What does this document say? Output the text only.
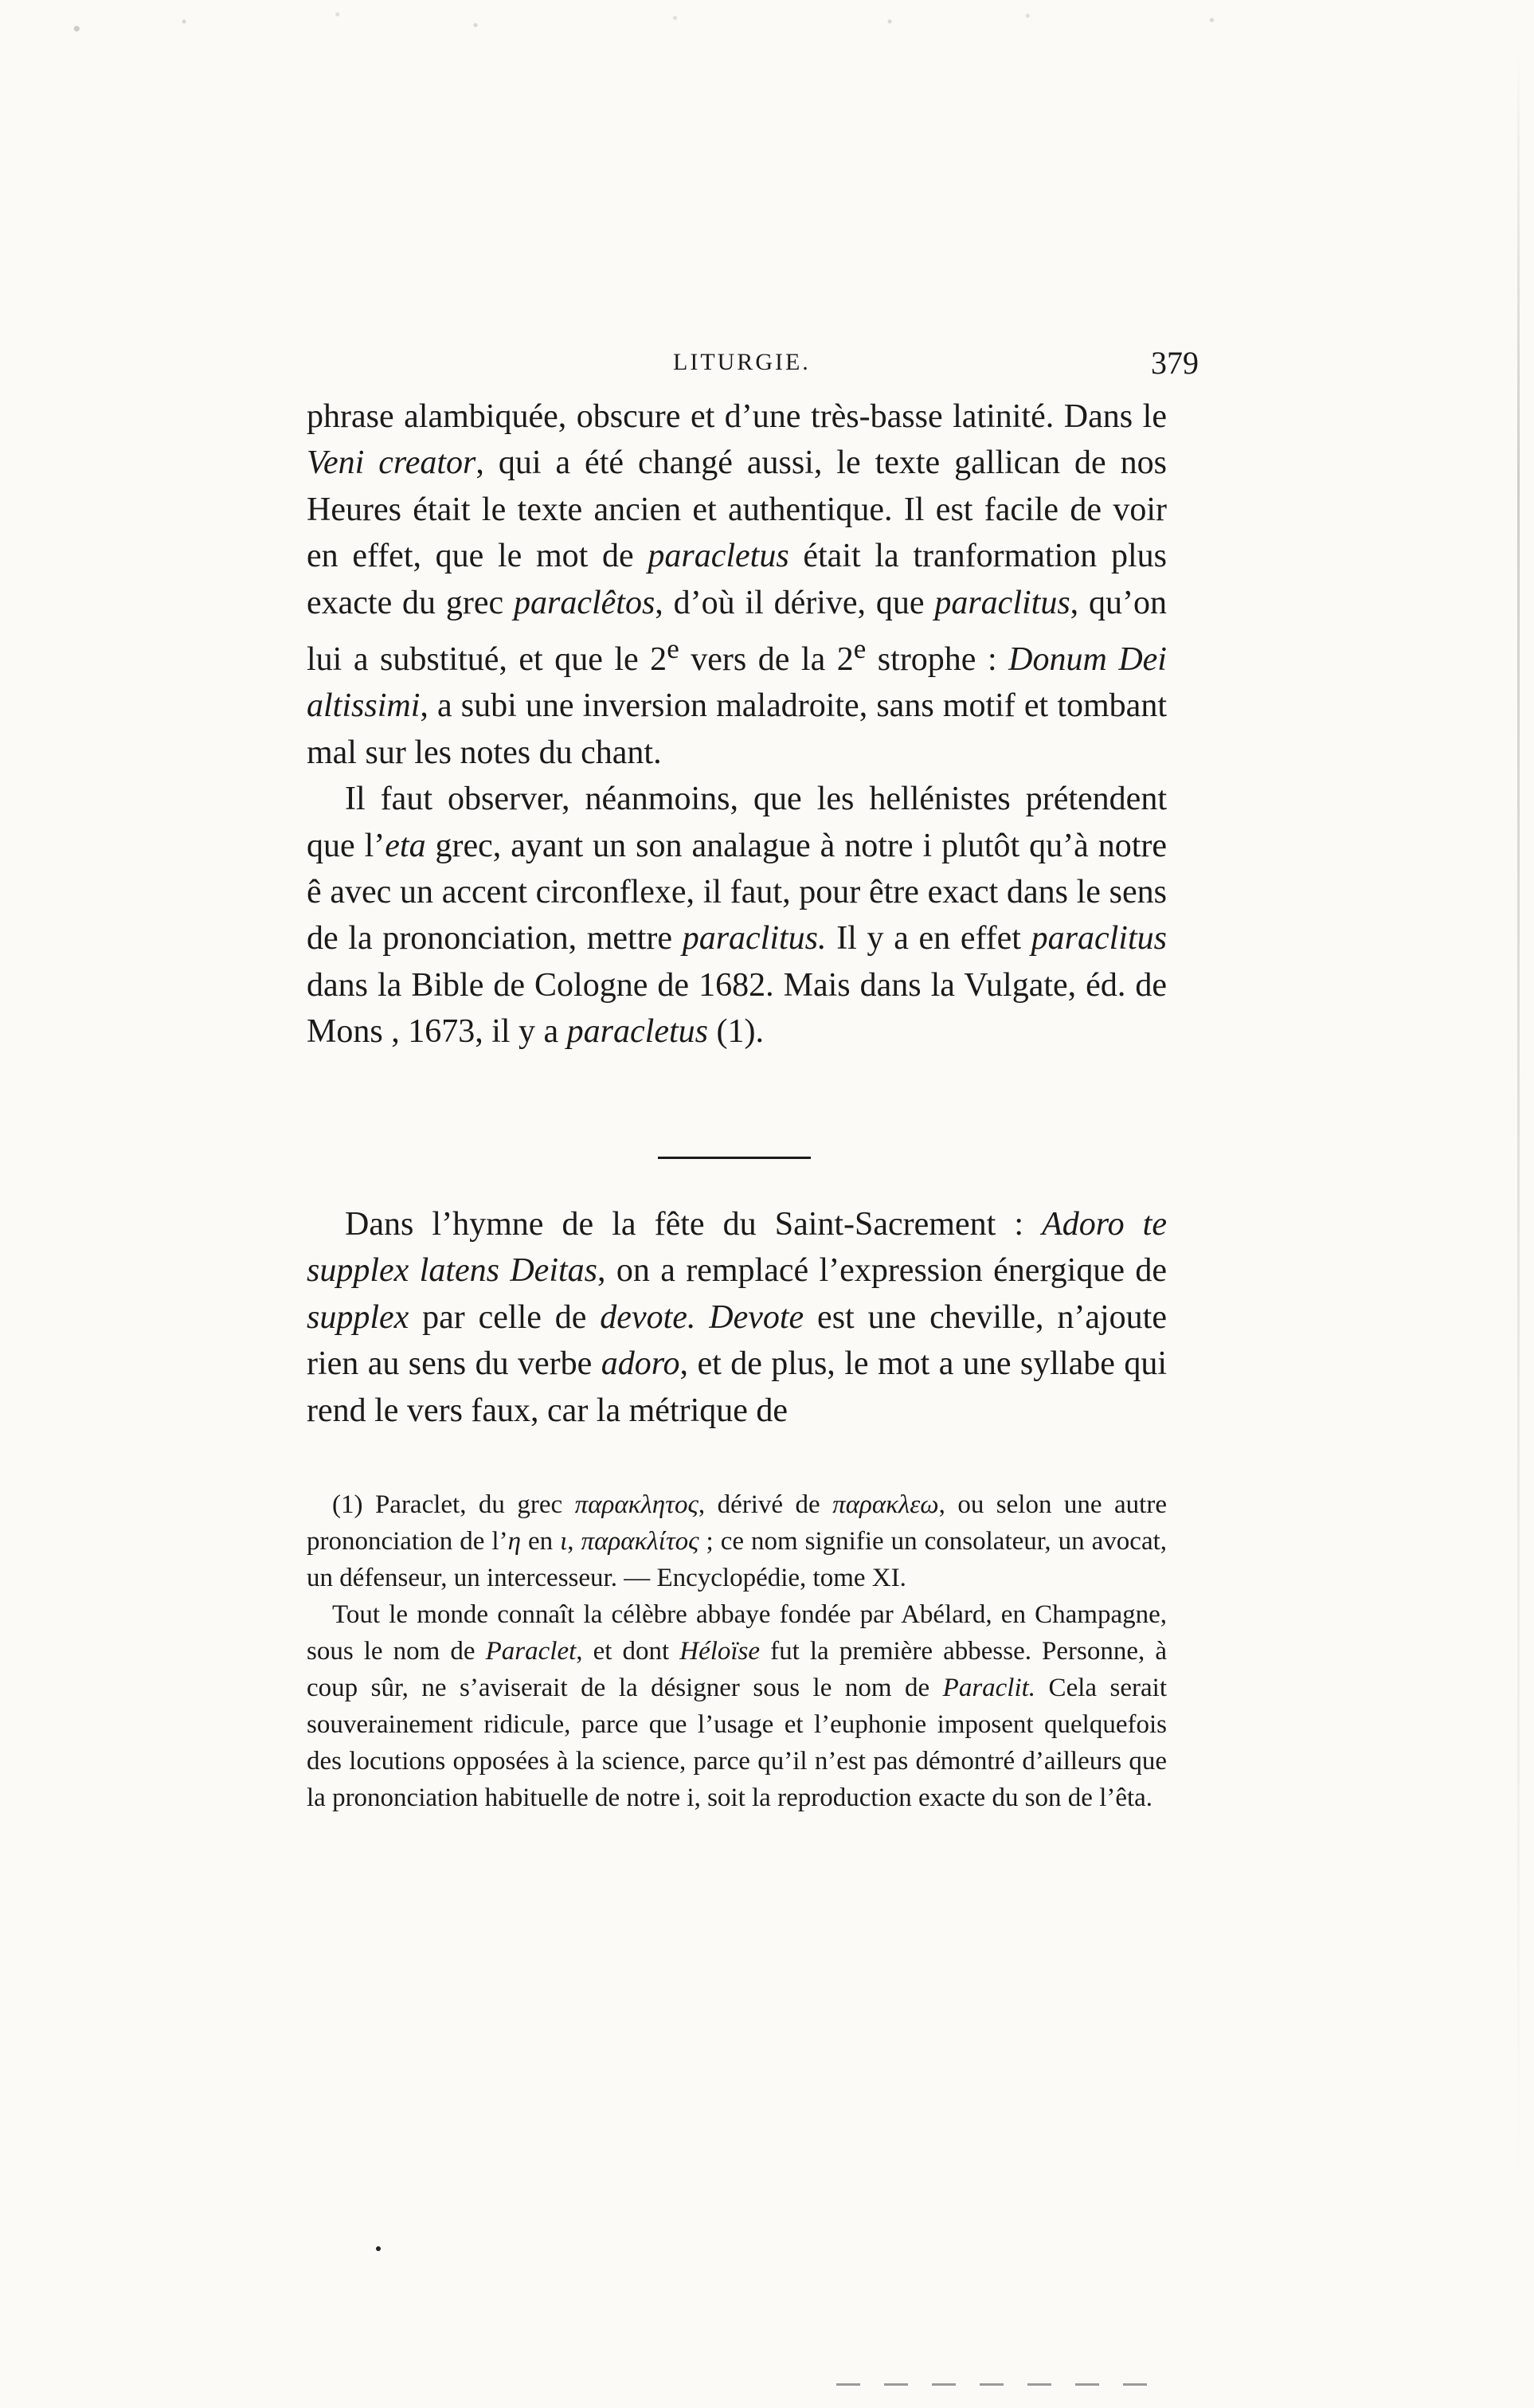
LITURGIE.	379

phrase alambiquée, obscure et d’une très-basse latinité. Dans le Veni creator, qui a été changé aussi, le texte gallican de nos Heures était le texte ancien et authentique. Il est facile de voir en effet, que le mot de paracletus était la tranformation plus exacte du grec paraclêtos, d’où il dérive, que paraclitus, qu’on lui a substitué, et que le 2e vers de la 2e strophe : Donum Dei altissimi, a subi une inversion maladroite, sans motif et tombant mal sur les notes du chant.

Il faut observer, néanmoins, que les hellénistes prétendent que l’eta grec, ayant un son analague à notre i plutôt qu’à notre ê avec un accent circonflexe, il faut, pour être exact dans le sens de la prononciation, mettre paraclitus. Il y a en effet paraclitus dans la Bible de Cologne de 1682. Mais dans la Vulgate, éd. de Mons , 1673, il y a paracletus (1).

Dans l’hymne de la fête du Saint-Sacrement : Adoro te supplex latens Deitas, on a remplacé l’expression énergique de supplex par celle de devote. Devote est une cheville, n’ajoute rien au sens du verbe adoro, et de plus, le mot a une syllabe qui rend le vers faux, car la métrique de

(1) Paraclet, du grec παρακλητος, dérivé de παρακλεω, ou selon une autre prononciation de l’η en ι, παρακλίτος ; ce nom signifie un consolateur, un avocat, un défenseur, un intercesseur. — Encyclopédie, tome XI.

Tout le monde connaît la célèbre abbaye fondée par Abélard, en Champagne, sous le nom de Paraclet, et dont Héloïse fut la première abbesse. Personne, à coup sûr, ne s’aviserait de la désigner sous le nom de Paraclit. Cela serait souverainement ridicule, parce que l’usage et l’euphonie imposent quelquefois des locutions opposées à la science, parce qu’il n’est pas démontré d’ailleurs que la prononciation habituelle de notre i, soit la reproduction exacte du son de l’êta.
